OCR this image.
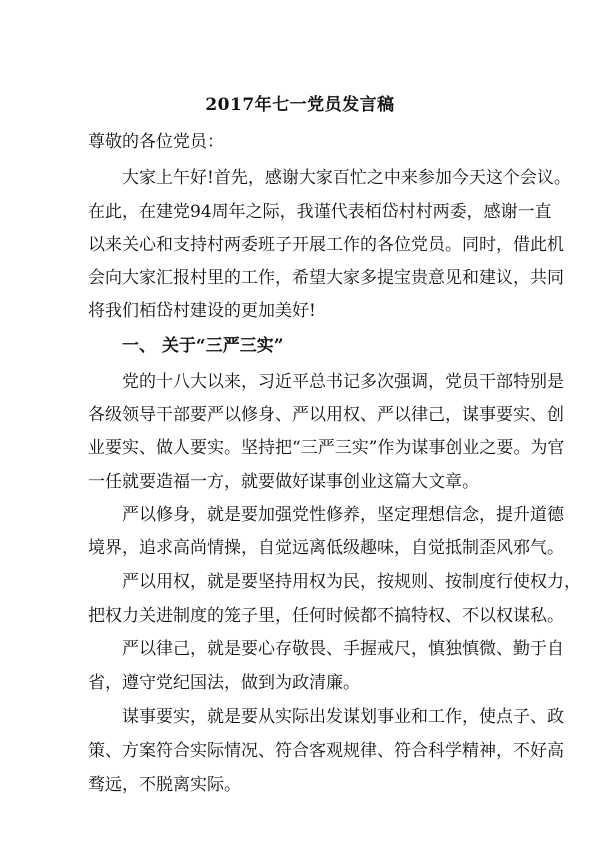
2017年七一党员发言稿
尊敬的各位党员：
大家上午好!首先，感谢大家百忙之中来参加今天这个会议。
在此，在建党94周年之际，我谨代表栢岱村村两委，感谢一直
以来关心和支持村两委班子开展工作的各位党员。同时，借此机
会向大家汇报村里的工作，希望大家多提宝贵意见和建议，共同
将我们栢岱村建设的更加美好!
一、 关于“三严三实”
党的十八大以来，习近平总书记多次强调，党员干部特别是
各级领导干部要严以修身、严以用权、严以律己，谋事要实、创
业要实、做人要实。坚持把“三严三实”作为谋事创业之要。为官
一任就要造福一方，就要做好谋事创业这篇大文章。
严以修身，就是要加强党性修养，坚定理想信念，提升道德
境界，追求高尚情操，自觉远离低级趣味，自觉抵制歪风邪气。
严以用权，就是要坚持用权为民，按规则、按制度行使权力，
把权力关进制度的笼子里，任何时候都不搞特权、不以权谋私。
严以律己，就是要心存敬畏、手握戒尺，慎独慎微、勤于自
省，遵守党纪国法，做到为政清廉。
谋事要实，就是要从实际出发谋划事业和工作，使点子、政
策、方案符合实际情况、符合客观规律、符合科学精神，不好高
骛远，不脱离实际。
